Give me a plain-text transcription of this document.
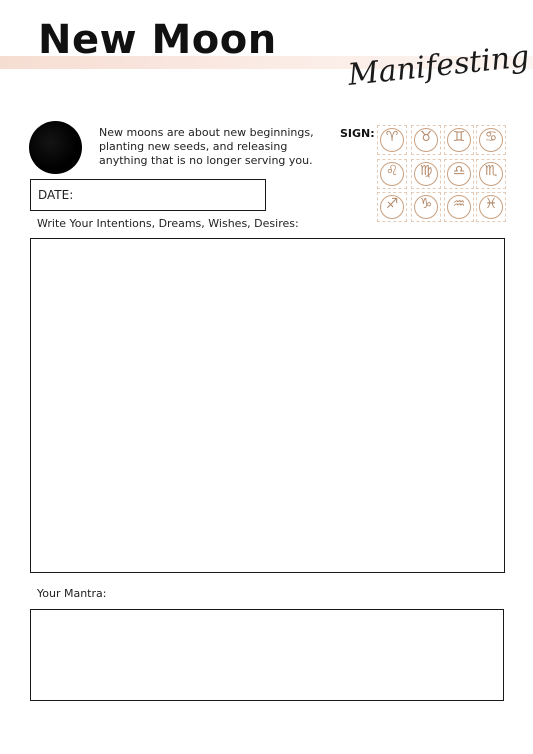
New Moon Manifesting
New moons are about new beginnings, planting new seeds, and releasing anything that is no longer serving you.
SIGN: ♈	♉	♊	♋
♌	♍	♎	♏
♐	♑	♒	♓
DATE:
Write Your Intentions, Dreams, Wishes, Desires:
Your Mantra:
